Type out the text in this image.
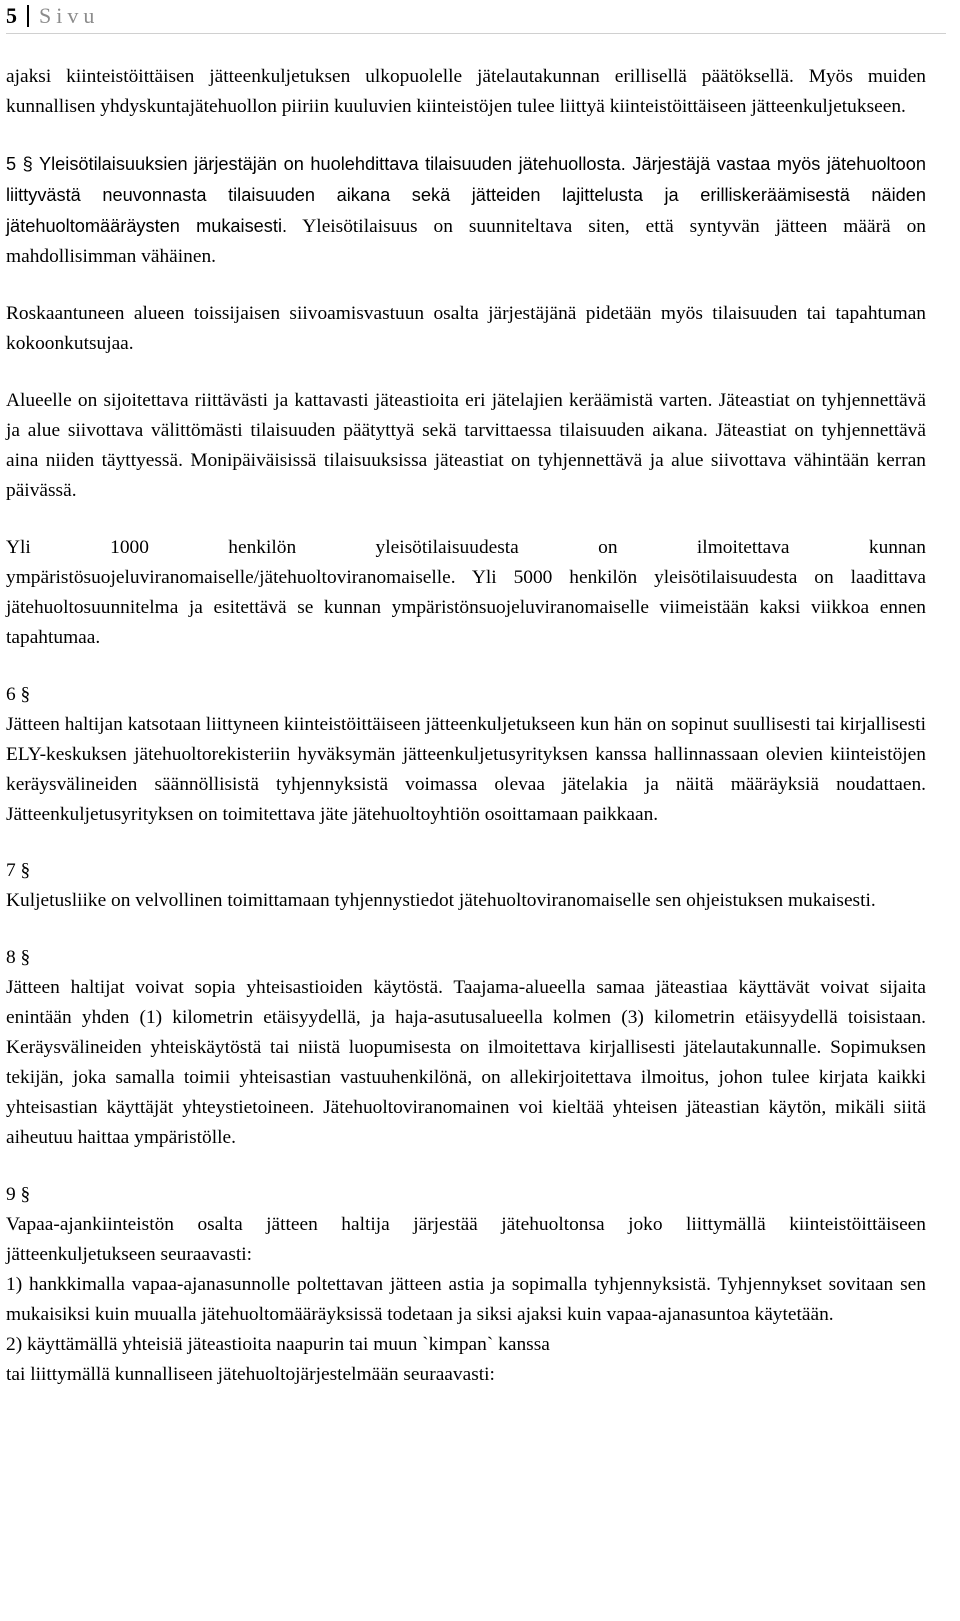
5 Sivu

ajaksi kiinteistöittäisen jätteenkuljetuksen ulkopuolelle jätelautakunnan erillisellä päätöksellä. Myös muiden kunnallisen yhdyskuntajätehuollon piiriin kuuluvien kiinteistöjen tulee liittyä kiinteistöittäiseen jätteenkuljetukseen.

5 § Yleisötilaisuuksien järjestäjän on huolehdittava tilaisuuden jätehuollosta. Järjestäjä vastaa myös jätehuoltoon liittyvästä neuvonnasta tilaisuuden aikana sekä jätteiden lajittelusta ja erilliskeräämisestä näiden jätehuoltomääräysten mukaisesti. Yleisötilaisuus on suunniteltava siten, että syntyvän jätteen määrä on mahdollisimman vähäinen.

Roskaantuneen alueen toissijaisen siivoamisvastuun osalta järjestäjänä pidetään myös tilaisuuden tai tapahtuman kokoonkutsujaa.

Alueelle on sijoitettava riittävästi ja kattavasti jäteastioita eri jätelajien keräämistä varten. Jäteastiat on tyhjennettävä ja alue siivottava välittömästi tilaisuuden päätyttyä sekä tarvittaessa tilaisuuden aikana. Jäteastiat on tyhjennettävä aina niiden täyttyessä. Monipäiväisissä tilaisuuksissa jäteastiat on tyhjennettävä ja alue siivottava vähintään kerran päivässä.

Yli 1000 henkilön yleisötilaisuudesta on ilmoitettava kunnan ympäristösuojeluviranomaiselle/jätehuoltoviranomaiselle. Yli 5000 henkilön yleisötilaisuudesta on laadittava jätehuoltosuunnitelma ja esitettävä se kunnan ympäristönsuojeluviranomaiselle viimeistään kaksi viikkoa ennen tapahtumaa.

6 §

Jätteen haltijan katsotaan liittyneen kiinteistöittäiseen jätteenkuljetukseen kun hän on sopinut suullisesti tai kirjallisesti ELY-keskuksen jätehuoltorekisteriin hyväksymän jätteenkuljetusyrityksen kanssa hallinnassaan olevien kiinteistöjen keräysvälineiden säännöllisistä tyhjennyksistä voimassa olevaa jätelakia ja näitä määräyksiä noudattaen. Jätteenkuljetusyrityksen on toimitettava jäte jätehuoltoyhtiön osoittamaan paikkaan.

7 §

Kuljetusliike on velvollinen toimittamaan tyhjennystiedot jätehuoltoviranomaiselle sen ohjeistuksen mukaisesti.

8 §

Jätteen haltijat voivat sopia yhteisastioiden käytöstä. Taajama-alueella samaa jäteastiaa käyttävät voivat sijaita enintään yhden (1) kilometrin etäisyydellä, ja haja-asutusalueella kolmen (3) kilometrin etäisyydellä toisistaan. Keräysvälineiden yhteiskäytöstä tai niistä luopumisesta on ilmoitettava kirjallisesti jätelautakunnalle. Sopimuksen tekijän, joka samalla toimii yhteisastian vastuuhenkilönä, on allekirjoitettava ilmoitus, johon tulee kirjata kaikki yhteisastian käyttäjät yhteystietoineen. Jätehuoltoviranomainen voi kieltää yhteisen jäteastian käytön, mikäli siitä aiheutuu haittaa ympäristölle.

9 §

Vapaa-ajankiinteistön osalta jätteen haltija järjestää jätehuoltonsa joko liittymällä kiinteistöittäiseen jätteenkuljetukseen seuraavasti:

1) hankkimalla vapaa-ajanasunnolle poltettavan jätteen astia ja sopimalla tyhjennyksistä. Tyhjennykset sovitaan sen mukaisiksi kuin muualla jätehuoltomääräyksissä todetaan ja siksi ajaksi kuin vapaa-ajanasuntoa käytetään.

2) käyttämällä yhteisiä jäteastioita naapurin tai muun `kimpan` kanssa

tai liittymällä kunnalliseen jätehuoltojärjestelmään seuraavasti:
